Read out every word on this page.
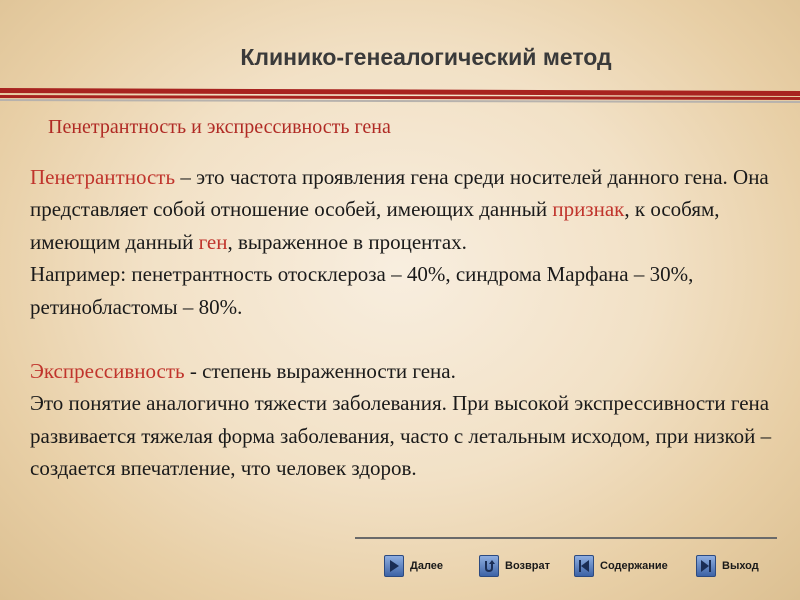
Клинико-генеалогический метод
Пенетрантность и экспрессивность гена

Пенетрантность – это частота проявления гена среди носителей данного гена. Она представляет собой отношение особей, имеющих данный признак, к особям, имеющим данный ген, выраженное в процентах.

Например: пенетрантность отосклероза – 40%, синдрома Марфана – 30%, ретинобластомы – 80%.

Экспрессивность - степень выраженности гена.

Это понятие аналогично тяжести заболевания. При высокой экспрессивности гена развивается тяжелая форма заболевания, часто с летальным исходом, при низкой – создается впечатление, что человек здоров.

Далее	Возврат	Содержание	Выход
